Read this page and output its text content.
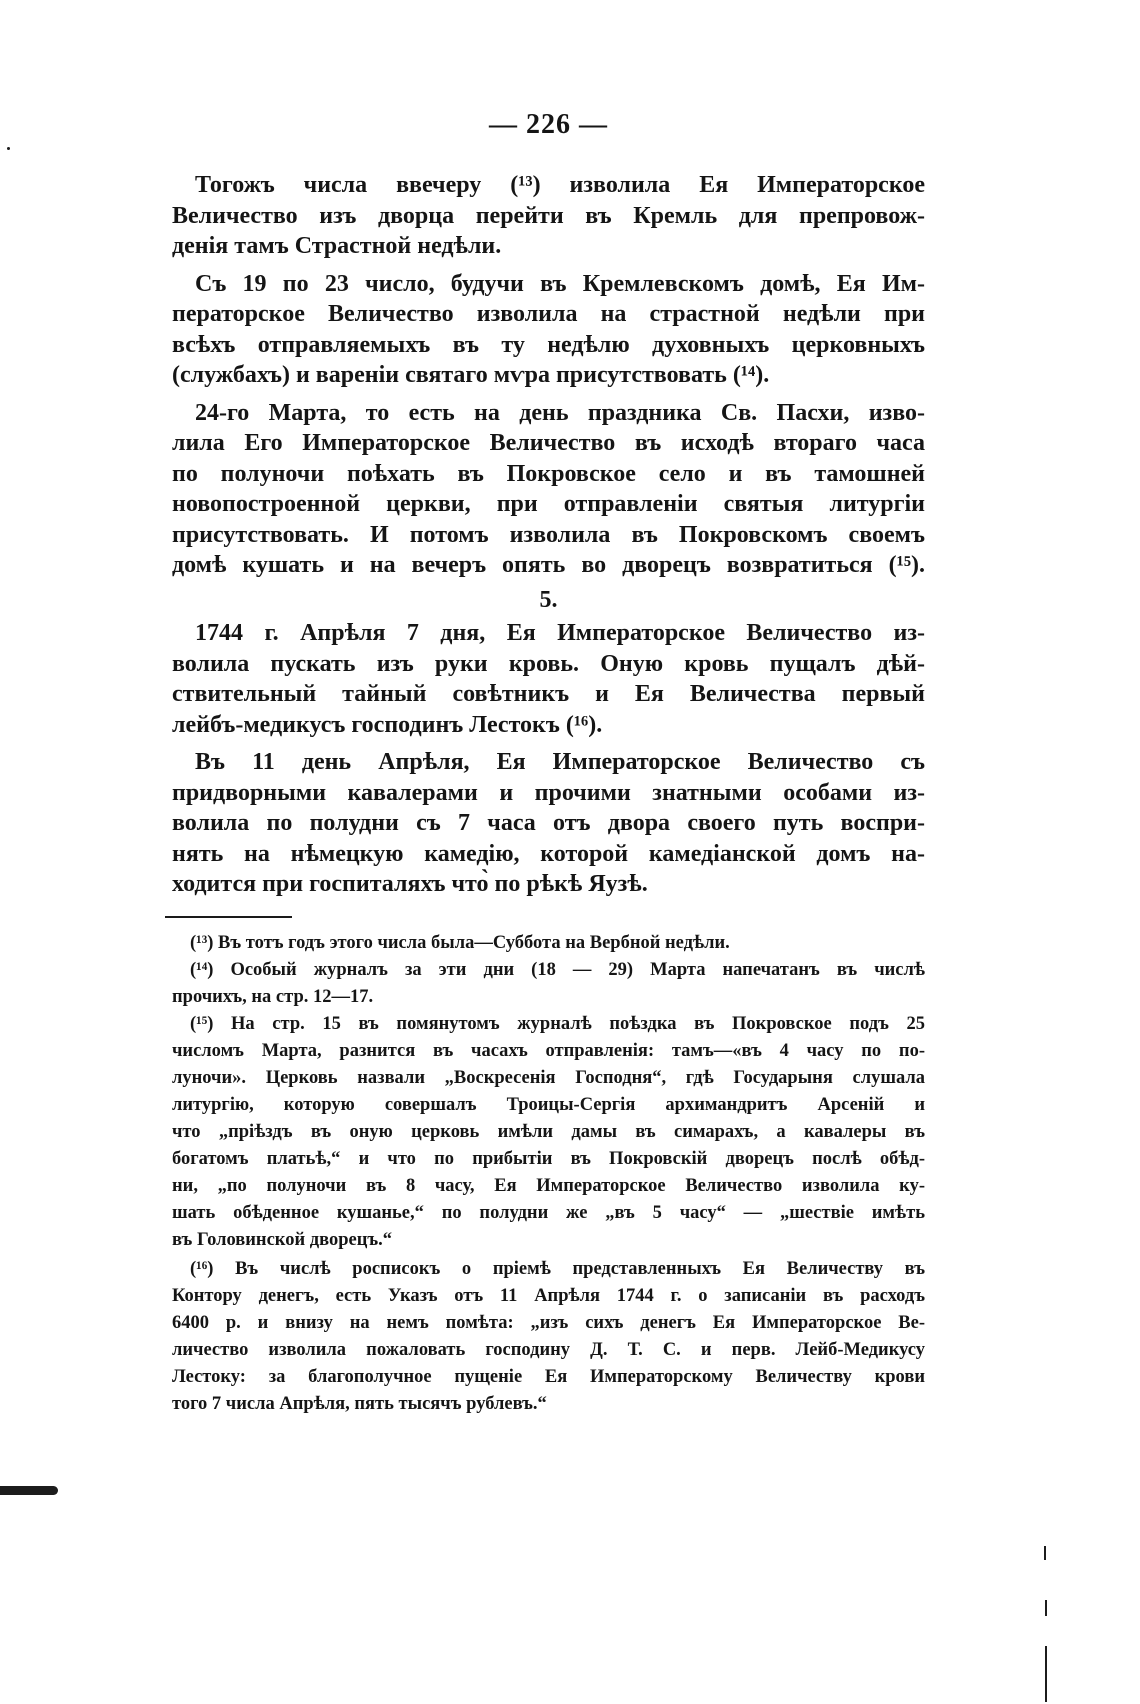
— 226 —
Тогожъ числа ввечеру (¹³) изволила Ея Императорское
Величество изъ дворца перейти въ Кремль для препровож-
денія тамъ Страстной недѣли.
Съ 19 по 23 число, будучи въ Кремлевскомъ домѣ, Ея Им-
ператорское Величество изволила на страстной недѣли при
всѣхъ отправляемыхъ въ ту недѣлю духовныхъ церковныхъ
(службахъ) и вареніи святаго мѵра присутствовать (¹⁴).
24-го Марта, то есть на день праздника Св. Пасхи, изво-
лила Его Императорское Величество въ исходѣ втораго часа
по полуночи поѣхать въ Покровское село и въ тамошней
новопостроенной церкви, при отправленіи святыя литургіи
присутствовать. И потомъ изволила въ Покровскомъ своемъ
домѣ кушать и на вечеръ опять во дворецъ возвратиться (¹⁵).
5.
1744 г. Апрѣля 7 дня, Ея Императорское Величество из-
волила пускать изъ руки кровь. Оную кровь пущалъ дѣй-
ствительный тайный совѣтникъ и Ея Величества первый
лейбъ-медикусъ господинъ Лестокъ (¹⁶).
Въ 11 день Апрѣля, Ея Императорское Величество съ
придворными кавалерами и прочими знатными особами из-
волила по полудни съ 7 часа отъ двора своего путь воспри-
нять на нѣмецкую камедію, которой камедіанской домъ на-
ходится при госпиталяхъ что̀ по рѣкѣ Яузѣ.
(¹³) Въ тотъ годъ этого числа была—Суббота на Вербной недѣли.
(¹⁴) Особый журналъ за эти дни (18 — 29) Марта напечатанъ въ числѣ
прочихъ, на стр. 12—17.
(¹⁵) На стр. 15 въ помянутомъ журналѣ поѣздка въ Покровское подъ 25
числомъ Марта, разнится въ часахъ отправленія: тамъ—«въ 4 часу по по-
луночи». Церковь назвали „Воскресенія Господня“, гдѣ Государыня слушала
литургію, которую совершалъ Троицы-Сергія архимандритъ Арсеній и
что „пріѣздъ въ оную церковь имѣли дамы въ симарахъ, а кавалеры въ
богатомъ платьѣ,“ и что по прибытіи въ Покровскій дворецъ послѣ обѣд-
ни, „по полуночи въ 8 часу, Ея Императорское Величество изволила ку-
шать обѣденное кушанье,“ по полудни же „въ 5 часу“ — „шествіе имѣть
въ Головинской дворецъ.“
(¹⁶) Въ числѣ росписокъ о пріемѣ представленныхъ Ея Величеству въ
Контору денегъ, есть Указъ отъ 11 Апрѣля 1744 г. о записаніи въ расходъ
6400 р. и внизу на немъ помѣта: „изъ сихъ денегъ Ея Императорское Ве-
личество изволила пожаловать господину Д. Т. С. и перв. Лейб-Медикусу
Лестоку: за благополучное пущеніе Ея Императорскому Величеству крови
того 7 числа Апрѣля, пять тысячъ рублевъ.“
